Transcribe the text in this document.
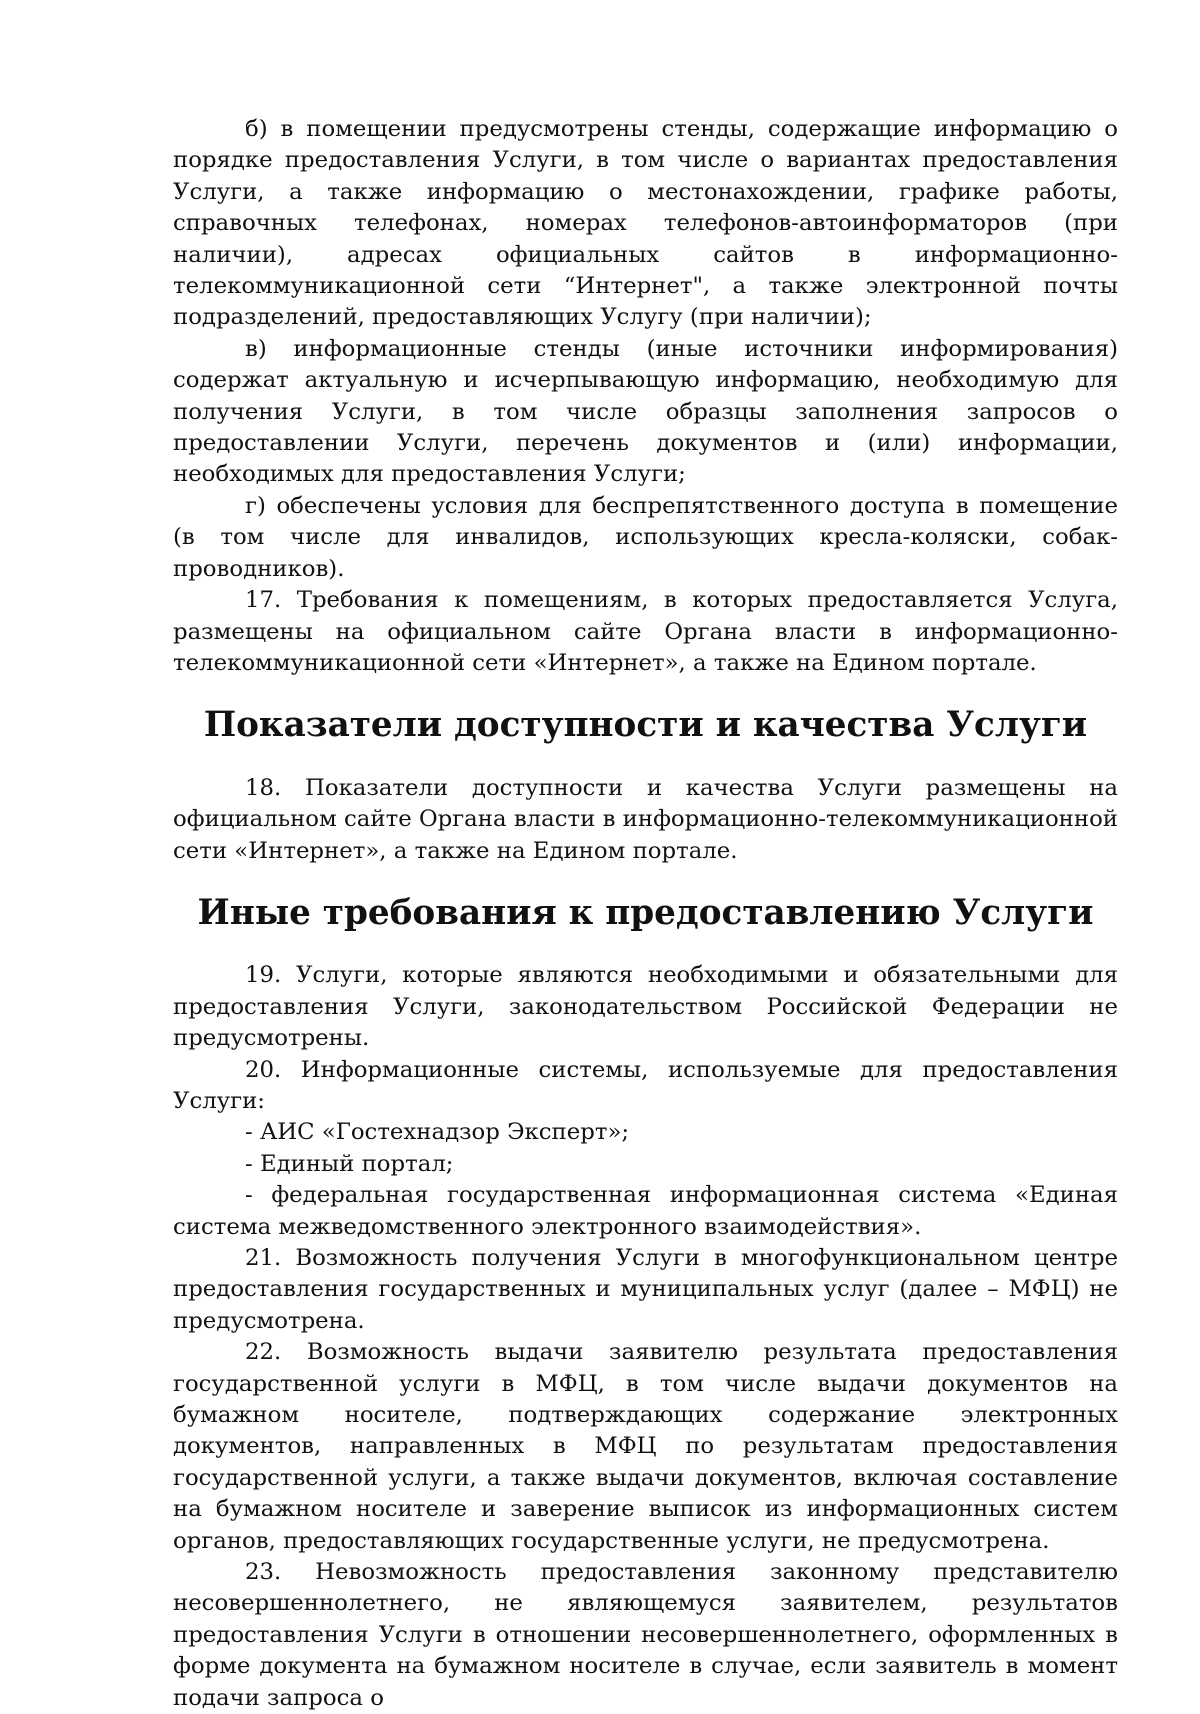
б) в помещении предусмотрены стенды, содержащие информацию о порядке предоставления Услуги, в том числе о вариантах предоставления Услуги, а также информацию о местонахождении, графике работы, справочных телефонах, номерах телефонов-автоинформаторов (при наличии), адресах официальных сайтов в информационно-телекоммуникационной сети “Интернет", а также электронной почты подразделений, предоставляющих Услугу (при наличии);

в) информационные стенды (иные источники информирования) содержат актуальную и исчерпывающую информацию, необходимую для получения Услуги, в том числе образцы заполнения запросов о предоставлении Услуги, перечень документов и (или) информации, необходимых для предоставления Услуги;

г) обеспечены условия для беспрепятственного доступа в помещение (в том числе для инвалидов, использующих кресла-коляски, собак-проводников).

17. Требования к помещениям, в которых предоставляется Услуга, размещены на официальном сайте Органа власти в информационно-телекоммуникационной сети «Интернет», а также на Едином портале.

Показатели доступности и качества Услуги

18. Показатели доступности и качества Услуги размещены на официальном сайте Органа власти в информационно-телекоммуникационной сети «Интернет», а также на Едином портале.

Иные требования к предоставлению Услуги

19. Услуги, которые являются необходимыми и обязательными для предоставления Услуги, законодательством Российской Федерации не предусмотрены.

20. Информационные системы, используемые для предоставления Услуги:

- АИС «Гостехнадзор Эксперт»;

- Единый портал;

- федеральная государственная информационная система «Единая система межведомственного электронного взаимодействия».

21. Возможность получения Услуги в многофункциональном центре предоставления государственных и муниципальных услуг (далее – МФЦ) не предусмотрена.

22. Возможность выдачи заявителю результата предоставления государственной услуги в МФЦ, в том числе выдачи документов на бумажном носителе, подтверждающих содержание электронных документов, направленных в МФЦ по результатам предоставления государственной услуги, а также выдачи документов, включая составление на бумажном носителе и заверение выписок из информационных систем органов, предоставляющих государственные услуги, не предусмотрена.

23. Невозможность предоставления законному представителю несовершеннолетнего, не являющемуся заявителем, результатов предоставления Услуги в отношении несовершеннолетнего, оформленных в форме документа на бумажном носителе в случае, если заявитель в момент подачи запроса о
